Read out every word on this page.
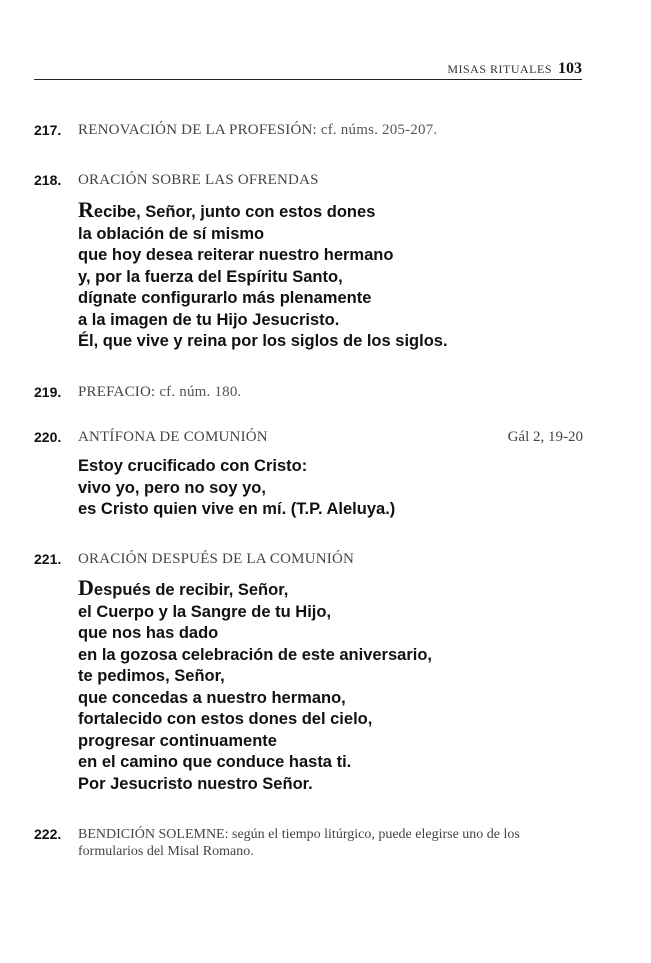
MISAS RITUALES 103
217.	RENOVACIÓN DE LA PROFESIÓN: cf. núms. 205-207.
218.	ORACIÓN SOBRE LAS OFRENDAS
Recibe, Señor, junto con estos dones
la oblación de sí mismo
que hoy desea reiterar nuestro hermano
y, por la fuerza del Espíritu Santo,
dígnate configurarlo más plenamente
a la imagen de tu Hijo Jesucristo.
Él, que vive y reina por los siglos de los siglos.
219.	PREFACIO: cf. núm. 180.
220.	ANTÍFONA DE COMUNIÓN	Gál 2, 19-20
Estoy crucificado con Cristo:
vivo yo, pero no soy yo,
es Cristo quien vive en mí. (T.P. Aleluya.)
221.	ORACIÓN DESPUÉS DE LA COMUNIÓN
Después de recibir, Señor,
el Cuerpo y la Sangre de tu Hijo,
que nos has dado
en la gozosa celebración de este aniversario,
te pedimos, Señor,
que concedas a nuestro hermano,
fortalecido con estos dones del cielo,
progresar continuamente
en el camino que conduce hasta ti.
Por Jesucristo nuestro Señor.
222.	BENDICIÓN SOLEMNE: según el tiempo litúrgico, puede elegirse uno de los formularios del Misal Romano.
